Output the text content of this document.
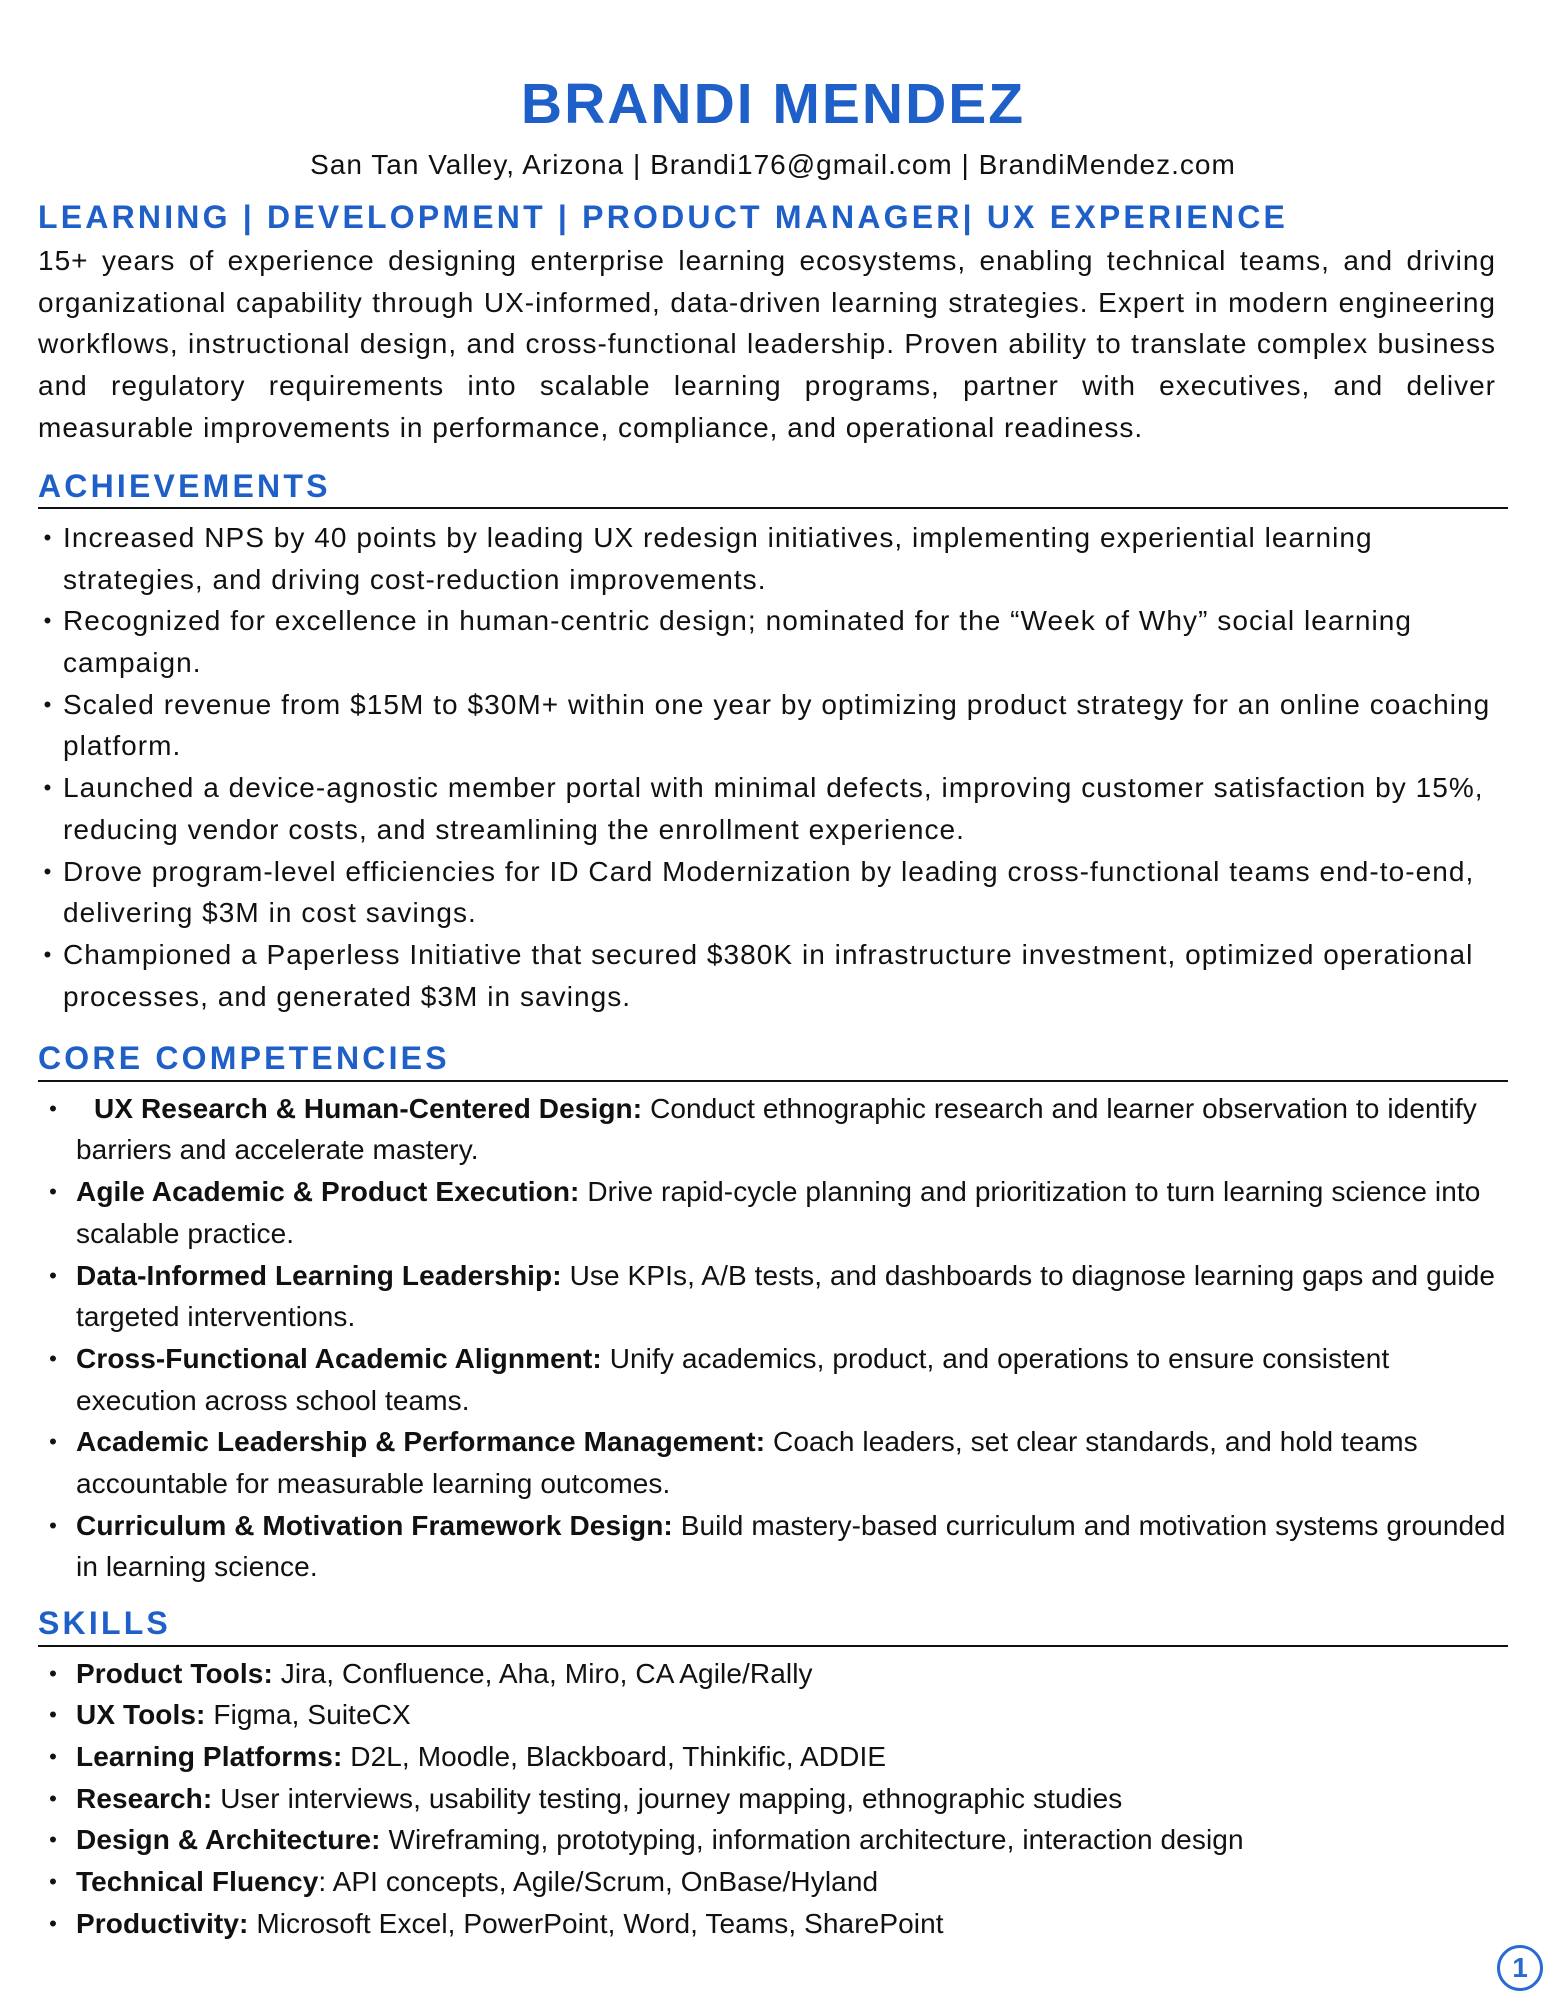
BRANDI MENDEZ
San Tan Valley, Arizona | Brandi176@gmail.com | BrandiMendez.com
LEARNING | DEVELOPMENT | PRODUCT MANAGER| UX EXPERIENCE
15+ years of experience designing enterprise learning ecosystems, enabling technical teams, and driving organizational capability through UX-informed, data-driven learning strategies. Expert in modern engineering workflows, instructional design, and cross-functional leadership. Proven ability to translate complex business and regulatory requirements into scalable learning programs, partner with executives, and deliver measurable improvements in performance, compliance, and operational readiness.
ACHIEVEMENTS
• Increased NPS by 40 points by leading UX redesign initiatives, implementing experiential learning strategies, and driving cost-reduction improvements.
• Recognized for excellence in human-centric design; nominated for the “Week of Why” social learning campaign.
• Scaled revenue from $15M to $30M+ within one year by optimizing product strategy for an online coaching platform.
• Launched a device-agnostic member portal with minimal defects, improving customer satisfaction by 15%, reducing vendor costs, and streamlining the enrollment experience.
• Drove program-level efficiencies for ID Card Modernization by leading cross-functional teams end-to-end, delivering $3M in cost savings.
• Championed a Paperless Initiative that secured $380K in infrastructure investment, optimized operational processes, and generated $3M in savings.
CORE COMPETENCIES
• UX Research & Human-Centered Design: Conduct ethnographic research and learner observation to identify barriers and accelerate mastery.
• Agile Academic & Product Execution: Drive rapid-cycle planning and prioritization to turn learning science into scalable practice.
• Data-Informed Learning Leadership: Use KPIs, A/B tests, and dashboards to diagnose learning gaps and guide targeted interventions.
• Cross-Functional Academic Alignment: Unify academics, product, and operations to ensure consistent execution across school teams.
• Academic Leadership & Performance Management: Coach leaders, set clear standards, and hold teams accountable for measurable learning outcomes.
• Curriculum & Motivation Framework Design: Build mastery-based curriculum and motivation systems grounded in learning science.
SKILLS
• Product Tools: Jira, Confluence, Aha, Miro, CA Agile/Rally
• UX Tools: Figma, SuiteCX
• Learning Platforms: D2L, Moodle, Blackboard, Thinkific, ADDIE
• Research: User interviews, usability testing, journey mapping, ethnographic studies
• Design & Architecture: Wireframing, prototyping, information architecture, interaction design
• Technical Fluency: API concepts, Agile/Scrum, OnBase/Hyland
• Productivity: Microsoft Excel, PowerPoint, Word, Teams, SharePoint
1
